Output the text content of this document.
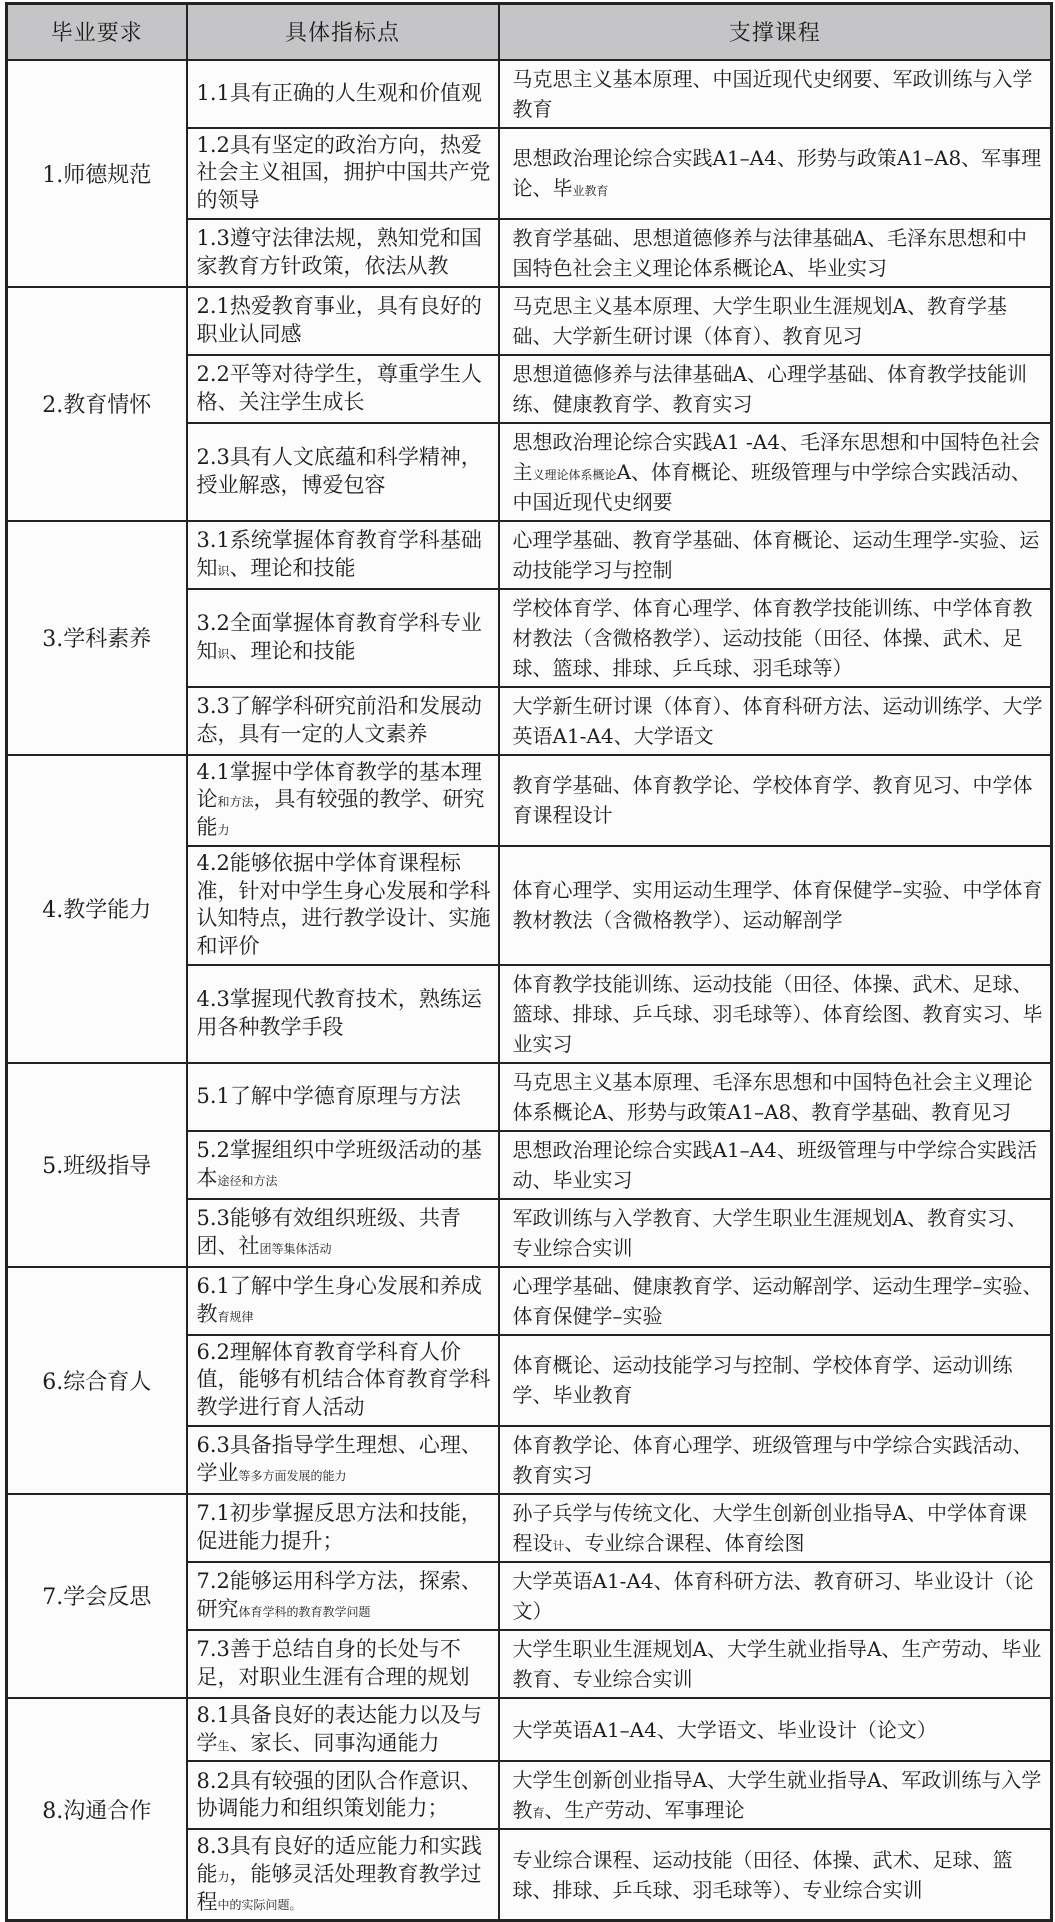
毕业要求	具体指标点	支撑课程
1.师德规范	1.1具有正确的人生观和价值观	马克思主义基本原理、中国近现代史纲要、军政训练与入学教育
	1.2具有坚定的政治方向，热爱社会主义祖国，拥护中国共产党的领导	思想政治理论综合实践A1–A4、形势与政策A1–A8、军事理论、毕业教育
	1.3遵守法律法规，熟知党和国家教育方针政策，依法从教	教育学基础、思想道德修养与法律基础A、毛泽东思想和中国特色社会主义理论体系概论A、毕业实习
2.教育情怀	2.1热爱教育事业，具有良好的职业认同感	马克思主义基本原理、大学生职业生涯规划A、教育学基础、大学新生研讨课（体育）、教育见习
	2.2平等对待学生，尊重学生人格、关注学生成长	思想道德修养与法律基础A、心理学基础、体育教学技能训练、健康教育学、教育实习
	2.3具有人文底蕴和科学精神，授业解惑，博爱包容	思想政治理论综合实践A1 -A4、毛泽东思想和中国特色社会主义理论体系概论A、体育概论、班级管理与中学综合实践活动、中国近现代史纲要
3.学科素养	3.1系统掌握体育教育学科基础知识、理论和技能	心理学基础、教育学基础、体育概论、运动生理学-实验、运动技能学习与控制
	3.2全面掌握体育教育学科专业知识、理论和技能	学校体育学、体育心理学、体育教学技能训练、中学体育教材教法（含微格教学）、运动技能（田径、体操、武术、足球、篮球、排球、乒乓球、羽毛球等）
	3.3了解学科研究前沿和发展动态，具有一定的人文素养	大学新生研讨课（体育）、体育科研方法、运动训练学、大学英语A1-A4、大学语文
4.教学能力	4.1掌握中学体育教学的基本理论和方法，具有较强的教学、研究能力	教育学基础、体育教学论、学校体育学、教育见习、中学体育课程设计
	4.2能够依据中学体育课程标准，针对中学生身心发展和学科认知特点，进行教学设计、实施和评价	体育心理学、实用运动生理学、体育保健学–实验、中学体育教材教法（含微格教学）、运动解剖学
	4.3掌握现代教育技术，熟练运用各种教学手段	体育教学技能训练、运动技能（田径、体操、武术、足球、篮球、排球、乒乓球、羽毛球等）、体育绘图、教育实习、毕业实习
5.班级指导	5.1了解中学德育原理与方法	马克思主义基本原理、毛泽东思想和中国特色社会主义理论体系概论A、形势与政策A1–A8、教育学基础、教育见习
	5.2掌握组织中学班级活动的基本途径和方法	思想政治理论综合实践A1–A4、班级管理与中学综合实践活动、毕业实习
	5.3能够有效组织班级、共青团、社团等集体活动	军政训练与入学教育、大学生职业生涯规划A、教育实习、专业综合实训
6.综合育人	6.1了解中学生身心发展和养成教育规律	心理学基础、健康教育学、运动解剖学、运动生理学–实验、体育保健学–实验
	6.2理解体育教育学科育人价值，能够有机结合体育教育学科教学进行育人活动	体育概论、运动技能学习与控制、学校体育学、运动训练学、毕业教育
	6.3具备指导学生理想、心理、学业等多方面发展的能力	体育教学论、体育心理学、班级管理与中学综合实践活动、教育实习
7.学会反思	7.1初步掌握反思方法和技能，促进能力提升；	孙子兵学与传统文化、大学生创新创业指导A、中学体育课程设计、专业综合课程、体育绘图
	7.2能够运用科学方法，探索、研究体育学科的教育教学问题	大学英语A1-A4、体育科研方法、教育研习、毕业设计（论文）
	7.3善于总结自身的长处与不足，对职业生涯有合理的规划	大学生职业生涯规划A、大学生就业指导A、生产劳动、毕业教育、专业综合实训
8.沟通合作	8.1具备良好的表达能力以及与学生、家长、同事沟通能力	大学英语A1–A4、大学语文、毕业设计（论文）
	8.2具有较强的团队合作意识、协调能力和组织策划能力；	大学生创新创业指导A、大学生就业指导A、军政训练与入学教育、生产劳动、军事理论
	8.3具有良好的适应能力和实践能力，能够灵活处理教育教学过程中的实际问题。	专业综合课程、运动技能（田径、体操、武术、足球、篮球、排球、乒乓球、羽毛球等）、专业综合实训
